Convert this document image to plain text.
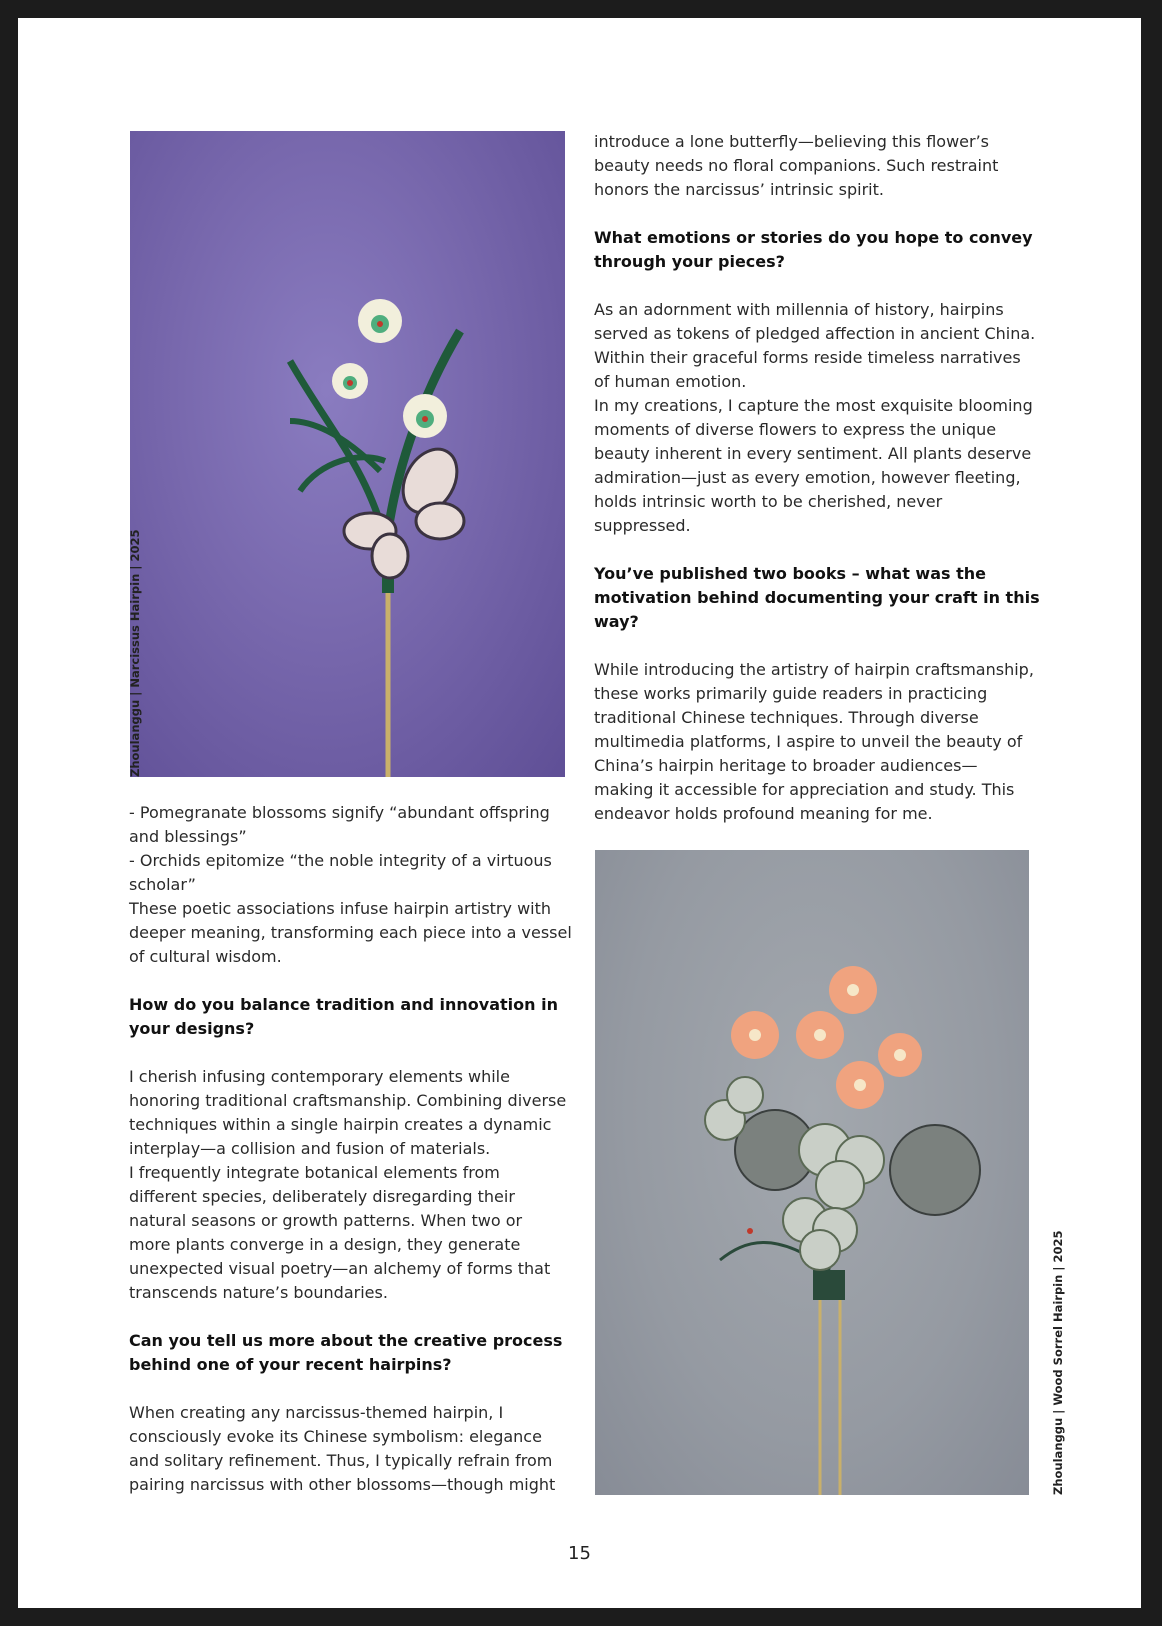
Zhoulanggu | Narcissus Hairpin | 2025
Zhoulanggu | Wood Sorrel Hairpin | 2025
- Pomegranate blossoms signify “abundant offspring
and blessings”
- Orchids epitomize “the noble integrity of a virtuous
scholar”
These poetic associations infuse hairpin artistry with
deeper meaning, transforming each piece into a vessel
of cultural wisdom.
How do you balance tradition and innovation in
your designs?
I cherish infusing contemporary elements while
honoring traditional craftsmanship. Combining diverse
techniques within a single hairpin creates a dynamic
interplay—a collision and fusion of materials.
I frequently integrate botanical elements from
different species, deliberately disregarding their
natural seasons or growth patterns. When two or
more plants converge in a design, they generate
unexpected visual poetry—an alchemy of forms that
transcends nature’s boundaries.
Can you tell us more about the creative process
behind one of your recent hairpins?
When creating any narcissus-themed hairpin, I
consciously evoke its Chinese symbolism: elegance
and solitary refinement. Thus, I typically refrain from
pairing narcissus with other blossoms—though might
introduce a lone butterfly—believing this flower’s
beauty needs no floral companions. Such restraint
honors the narcissus’ intrinsic spirit.
What emotions or stories do you hope to convey
through your pieces?
As an adornment with millennia of history, hairpins
served as tokens of pledged affection in ancient China.
Within their graceful forms reside timeless narratives
of human emotion.
In my creations, I capture the most exquisite blooming
moments of diverse flowers to express the unique
beauty inherent in every sentiment. All plants deserve
admiration—just as every emotion, however fleeting,
holds intrinsic worth to be cherished, never
suppressed.
You’ve published two books – what was the
motivation behind documenting your craft in this
way?
While introducing the artistry of hairpin craftsmanship,
these works primarily guide readers in practicing
traditional Chinese techniques. Through diverse
multimedia platforms, I aspire to unveil the beauty of
China’s hairpin heritage to broader audiences—
making it accessible for appreciation and study. This
endeavor holds profound meaning for me.
15
